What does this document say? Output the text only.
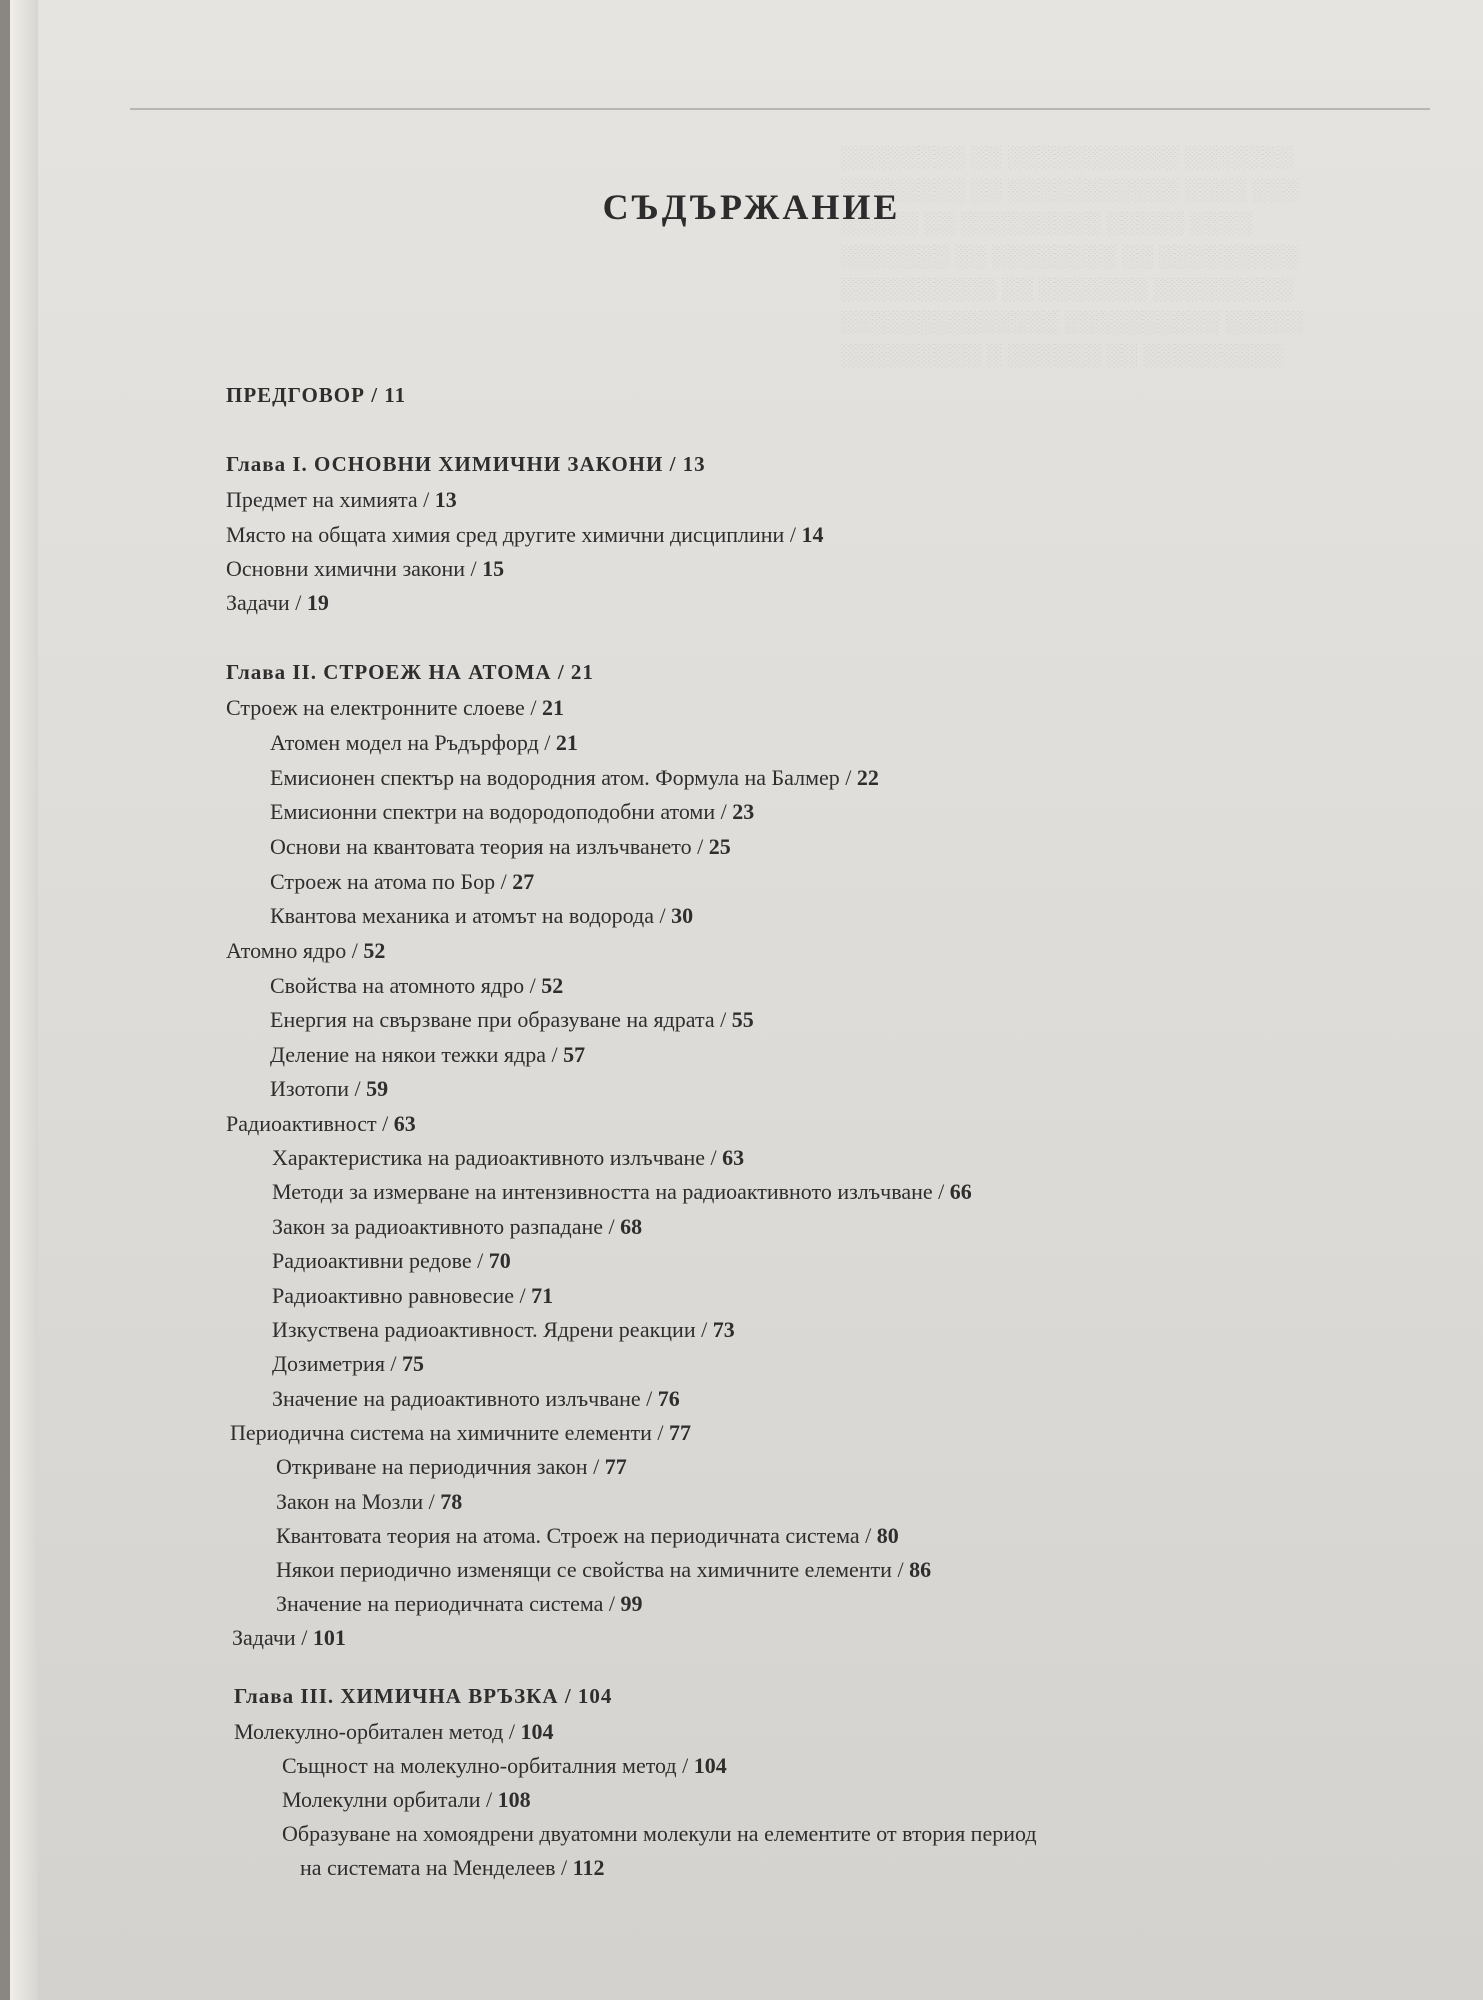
░░░░░░░░ ░░ ░░░░░░░░░░░ ░░░░░░░
░░░░░░░░ ░░ ░░░░░░░░░░░ ░░░░ ░░░
░░░░░ ░░ ░░░░░░░░░ ░░░░░ ░░░░
░░░░░░░ ░░ ░░░░░░░░ ░░ ░░░░░░░░░
░░░░░░░░░░ ░░ ░░░░░░░ ░░░░░░░░░
░░░░░░░░░░░░░░ ░░░░░░░░░░ ░░░░░
░░░░░░░░░ ░ ░░░░░░ ░░ ░░░░░░░░░
СЪДЪРЖАНИЕ
ПРЕДГОВОР / 11
Глава I. ОСНОВНИ ХИМИЧНИ ЗАКОНИ / 13
Предмет на химията / 13
Място на общата химия сред другите химични дисциплини / 14
Основни химични закони / 15
Задачи / 19
Глава II. СТРОЕЖ НА АТОМА / 21
Строеж на електронните слоеве / 21
Атомен модел на Ръдърфорд / 21
Емисионен спектър на водородния атом. Формула на Балмер / 22
Емисионни спектри на водородоподобни атоми / 23
Основи на квантовата теория на излъчването / 25
Строеж на атома по Бор / 27
Квантова механика и атомът на водорода / 30
Атомно ядро / 52
Свойства на атомното ядро / 52
Енергия на свързване при образуване на ядрата / 55
Деление на някои тежки ядра / 57
Изотопи / 59
Радиоактивност / 63
Характеристика на радиоактивното излъчване / 63
Методи за измерване на интензивността на радиоактивното излъчване / 66
Закон за радиоактивното разпадане / 68
Радиоактивни редове / 70
Радиоактивно равновесие / 71
Изкуствена радиоактивност. Ядрени реакции / 73
Дозиметрия / 75
Значение на радиоактивното излъчване / 76
Периодична система на химичните елементи / 77
Откриване на периодичния закон / 77
Закон на Мозли / 78
Квантовата теория на атома. Строеж на периодичната система / 80
Някои периодично изменящи се свойства на химичните елементи / 86
Значение на периодичната система / 99
Задачи / 101
Глава III. ХИМИЧНА ВРЪЗКА / 104
Молекулно-орбитален метод / 104
Същност на молекулно-орбиталния метод / 104
Молекулни орбитали / 108
Образуване на хомоядрени двуатомни молекули на елементите от втория период
на системата на Менделеев / 112
